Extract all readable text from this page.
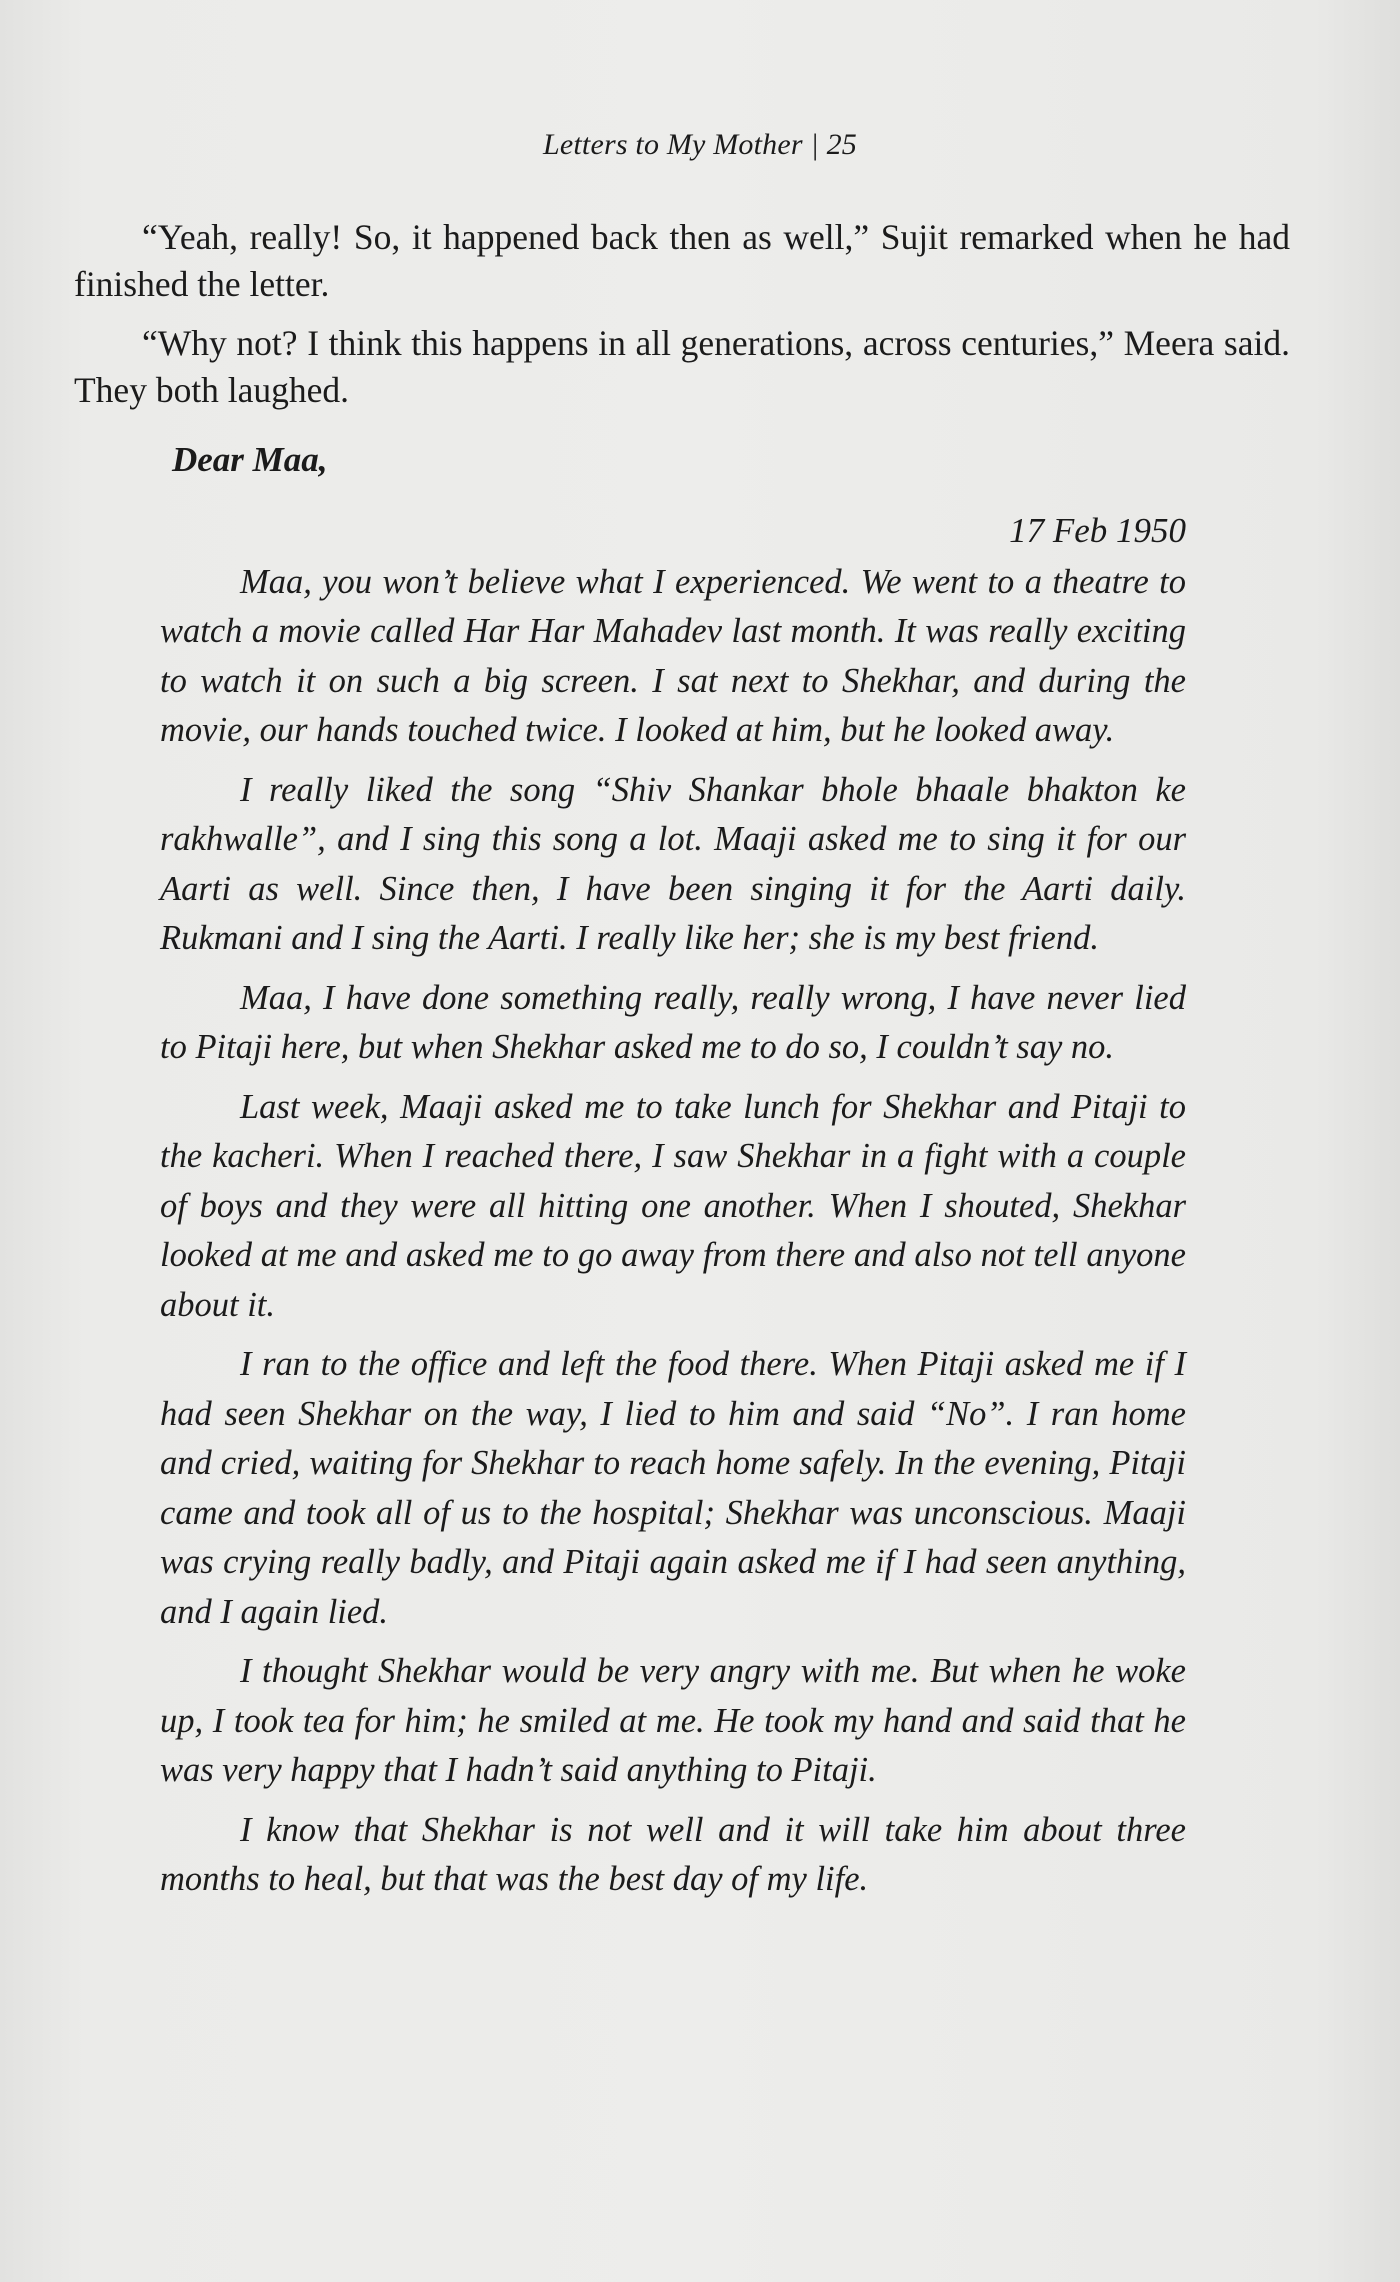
Letters to My Mother | 25

“Yeah, really! So, it happened back then as well,” Sujit remarked when he had finished the letter.

“Why not? I think this happens in all generations, across centuries,” Meera said. They both laughed.

Dear Maa,

17 Feb 1950

Maa, you won’t believe what I experienced. We went to a theatre to watch a movie called Har Har Mahadev last month. It was really exciting to watch it on such a big screen. I sat next to Shekhar, and during the movie, our hands touched twice. I looked at him, but he looked away.

I really liked the song “Shiv Shankar bhole bhaale bhakton ke rakhwalle”, and I sing this song a lot. Maaji asked me to sing it for our Aarti as well. Since then, I have been singing it for the Aarti daily. Rukmani and I sing the Aarti. I really like her; she is my best friend.

Maa, I have done something really, really wrong, I have never lied to Pitaji here, but when Shekhar asked me to do so, I couldn’t say no.

Last week, Maaji asked me to take lunch for Shekhar and Pitaji to the kacheri. When I reached there, I saw Shekhar in a fight with a couple of boys and they were all hitting one another. When I shouted, Shekhar looked at me and asked me to go away from there and also not tell anyone about it.

I ran to the office and left the food there. When Pitaji asked me if I had seen Shekhar on the way, I lied to him and said “No”. I ran home and cried, waiting for Shekhar to reach home safely. In the evening, Pitaji came and took all of us to the hospital; Shekhar was unconscious. Maaji was crying really badly, and Pitaji again asked me if I had seen anything, and I again lied.

I thought Shekhar would be very angry with me. But when he woke up, I took tea for him; he smiled at me. He took my hand and said that he was very happy that I hadn’t said anything to Pitaji.

I know that Shekhar is not well and it will take him about three months to heal, but that was the best day of my life.
